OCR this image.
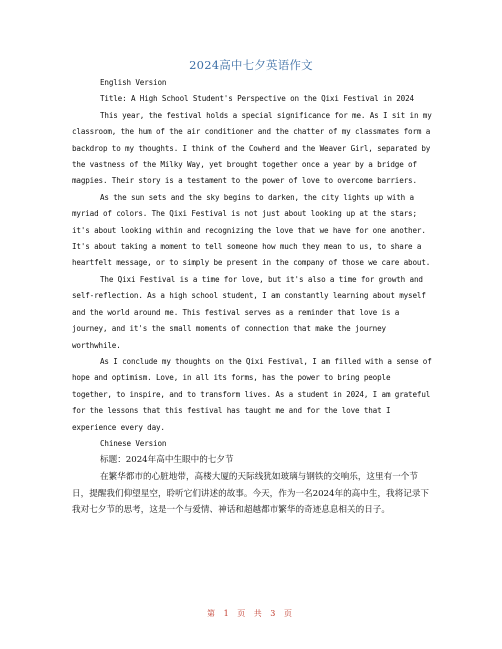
2024高中七夕英语作文

English Version

Title: A High School Student's Perspective on the Qixi Festival in 2024

This year, the festival holds a special significance for me. As I sit in my classroom, the hum of the air conditioner and the chatter of my classmates form a backdrop to my thoughts. I think of the Cowherd and the Weaver Girl, separated by the vastness of the Milky Way, yet brought together once a year by a bridge of magpies. Their story is a testament to the power of love to overcome barriers.

As the sun sets and the sky begins to darken, the city lights up with a myriad of colors. The Qixi Festival is not just about looking up at the stars; it's about looking within and recognizing the love that we have for one another. It's about taking a moment to tell someone how much they mean to us, to share a heartfelt message, or to simply be present in the company of those we care about.

The Qixi Festival is a time for love, but it's also a time for growth and self-reflection. As a high school student, I am constantly learning about myself and the world around me. This festival serves as a reminder that love is a journey, and it's the small moments of connection that make the journey worthwhile.

As I conclude my thoughts on the Qixi Festival, I am filled with a sense of hope and optimism. Love, in all its forms, has the power to bring people together, to inspire, and to transform lives. As a student in 2024, I am grateful for the lessons that this festival has taught me and for the love that I experience every day.

Chinese Version

标题：2024年高中生眼中的七夕节

在繁华都市的心脏地带，高楼大厦的天际线犹如玻璃与钢铁的交响乐，这里有一个节日，提醒我们仰望星空，聆听它们讲述的故事。今天，作为一名2024年的高中生，我将记录下我对七夕节的思考，这是一个与爱情、神话和超越都市繁华的奇迹息息相关的日子。

第 1 页 共 3 页
